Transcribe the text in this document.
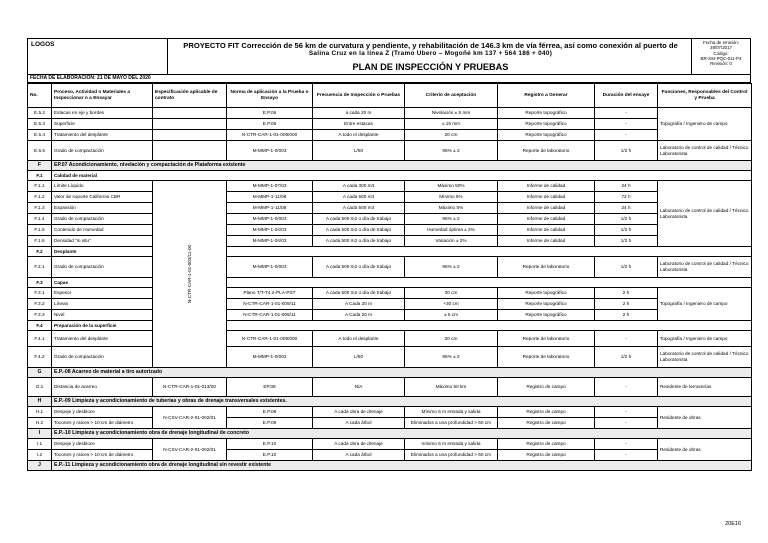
LOGOS	PROYECTO FIT Corrección de 56 km de curvatura y pendiente, y rehabilitación de 146.3 km de vía férrea, así como conexión al puerto de
Salina Cruz en la línea Z (Tramo Ubero – Mogoñé km 137 + 564 186 + 040)
PLAN DE INSPECCIÓN Y PRUEBAS
Fecha de emisión:
28/07/2017
Código:
BR-SSI-PQC-011-P4
Revisión: 0
FECHA DE ELABORACIÓN: 21 DE MAYO DEL 2020
No.	Proceso, Actividad o Materiales a Inspeccionar o a Ensayar	Especificación aplicable de contrato	Norma de aplicación a la Prueba o Ensayo	Frecuencia de Inspección o Pruebas	Criterio de aceptación	Registro a Generar	Duración del ensaye	Funciones, Responsables del Control y Prueba
E.5.2	Estacas en eje y bordes		E.P.06	a cada 20 m	Nivelación ± 5 mm	Reporte topográfico	-	Topografía / Ingeniero de campo
E.5.3	Superficie		E.P.06	Entre estacas	± 15 mm	Reporte topográfico	-	
E.5.4	Tratamiento del desplante		N-CTR-CAR-1-01-009/000	A todo el desplante	20 cm	Reporte topográfico	-	
E.5.5	Grado de compactación		M-MMP-1-0/003	L/50	95% ± 2	Reporte de laboratorio	1/2 h	Laboratorio de control de calidad / Técnico Laboratorista
F	EP.07 Acondicionamiento, nivelación y compactación de Plataforma existente							
F.1	Calidad de material							
F.1.1	Límite Líquido	N-CTR-CAR-1-01-003/11-00	M-MMP-1-07/03	A cada 300 m3	Máximo 50%	Informe de calidad	24 h	Laboratorio de control de calidad / Técnico Laboratorista
F.1.2	Valor de soporte California CBR		M-MMP-1-11/08	A cada 500 m3	Mínimo 5%	Informe de calidad	72 h	
F.1.3	Expansión		M-MMP-1-11/08	A cada 500 m3	Máximo 5%	Informe de calidad	24 h	
F.1.4	Grado de compactación		M-MMP-1-0/003	A cada 500 m2 o día de trabajo	95% ± 2	Informe de calidad	1/2 h	
F.1.5	Contenido de Humedad		M-MMP-1-04/03	A cada 500 m2 o día de trabajo	Humedad óptima ± 2%	Informe de calidad	1/2 h	
F.1.6	Densidad "in situ"		M-MMP-1-04/03	A cada 500 m2 o día de trabajo	Variación ± 2%	Informe de calidad	1/2 h	
F.2	Desplante							
F.2.1	Grado de compactación		M-MMP-1-0/003	A cada 500 m2 o día de trabajo	95% ± 2	Reporte de laboratorio	1/2 h	Laboratorio de control de calidad / Técnico Laboratorista
F.3	Capas							
F.3.1	Espesor		Plano T/T-T4.2-PLA-PST	A cada 500 m2 o día de trabajo	30 cm	Reporte topográfico	2 h	Topografía / Ingeniero de campo
F.3.2	Líneas		N-CTR-CAR-1-01-009/11	A Cada 20 m	+30 cm	Reporte topográfico	2 h	
F.3.3	Nivel		N-CTR-CAR-1-01-009/11	A Cada 20 m	± 5 cm	Reporte topográfico	2 h	
F.4	Preparación de la superficie							
F.4.1	Tratamiento del desplante		N-CTR-CAR-1-01-009/000	A todo el desplante	20 cm	Reporte de laboratorio	-	Topografía / Ingeniero de campo
F.4.2	Grado de compactación		M-MMP-1-0/003	L/50	95% ± 2	Reporte de laboratorio	1/2 h	Laboratorio de control de calidad / Técnico Laboratorista
G	E.P.-08 Acarreo de material a tiro autorizado							
G.1	Distancia de acarreo	N-CTR-CAR-1-01-013/00	EP.08	N/A	Máximo 50 km	Registro de campo	-	Residente de terracerías
H	E.P.-09 Limpieza y acondicionamiento de tuberías y obras de drenaje transversales existentes.							
H.1	Despeje y desbloce	N-CSV-CAR-2-01-002/01	E.P.09	A cada obra de drenaje	Mínimo 5 m entrada y salida	Registro de campo	-	Residente de obras
H.2	Tocones y raíces > 10 cm de diámetro		E.P.09	A cada árbol	Eliminados a una profundidad > 50 cm	Registro de campo	-	
I	E.P.-10 Limpieza y acondicionamiento obra de drenaje longitudinal de concreto							
I.1	Despeje y desbloce	N-CSV-CAR-2-01-002/01	E.P.10	A cada obra de drenaje	mínimo 5 m entrada y salida	Registro de campo	-	Residente de obras
I.2	Tocones y raíces > 10 cm de diámetro		E.P.10	A cada árbol	Eliminados a una profundidad > 50 cm	Registro de campo	-	
J	E.P.-11 Limpieza y acondicionamiento obra de drenaje longitudinal sin revestir existente							
20E16
